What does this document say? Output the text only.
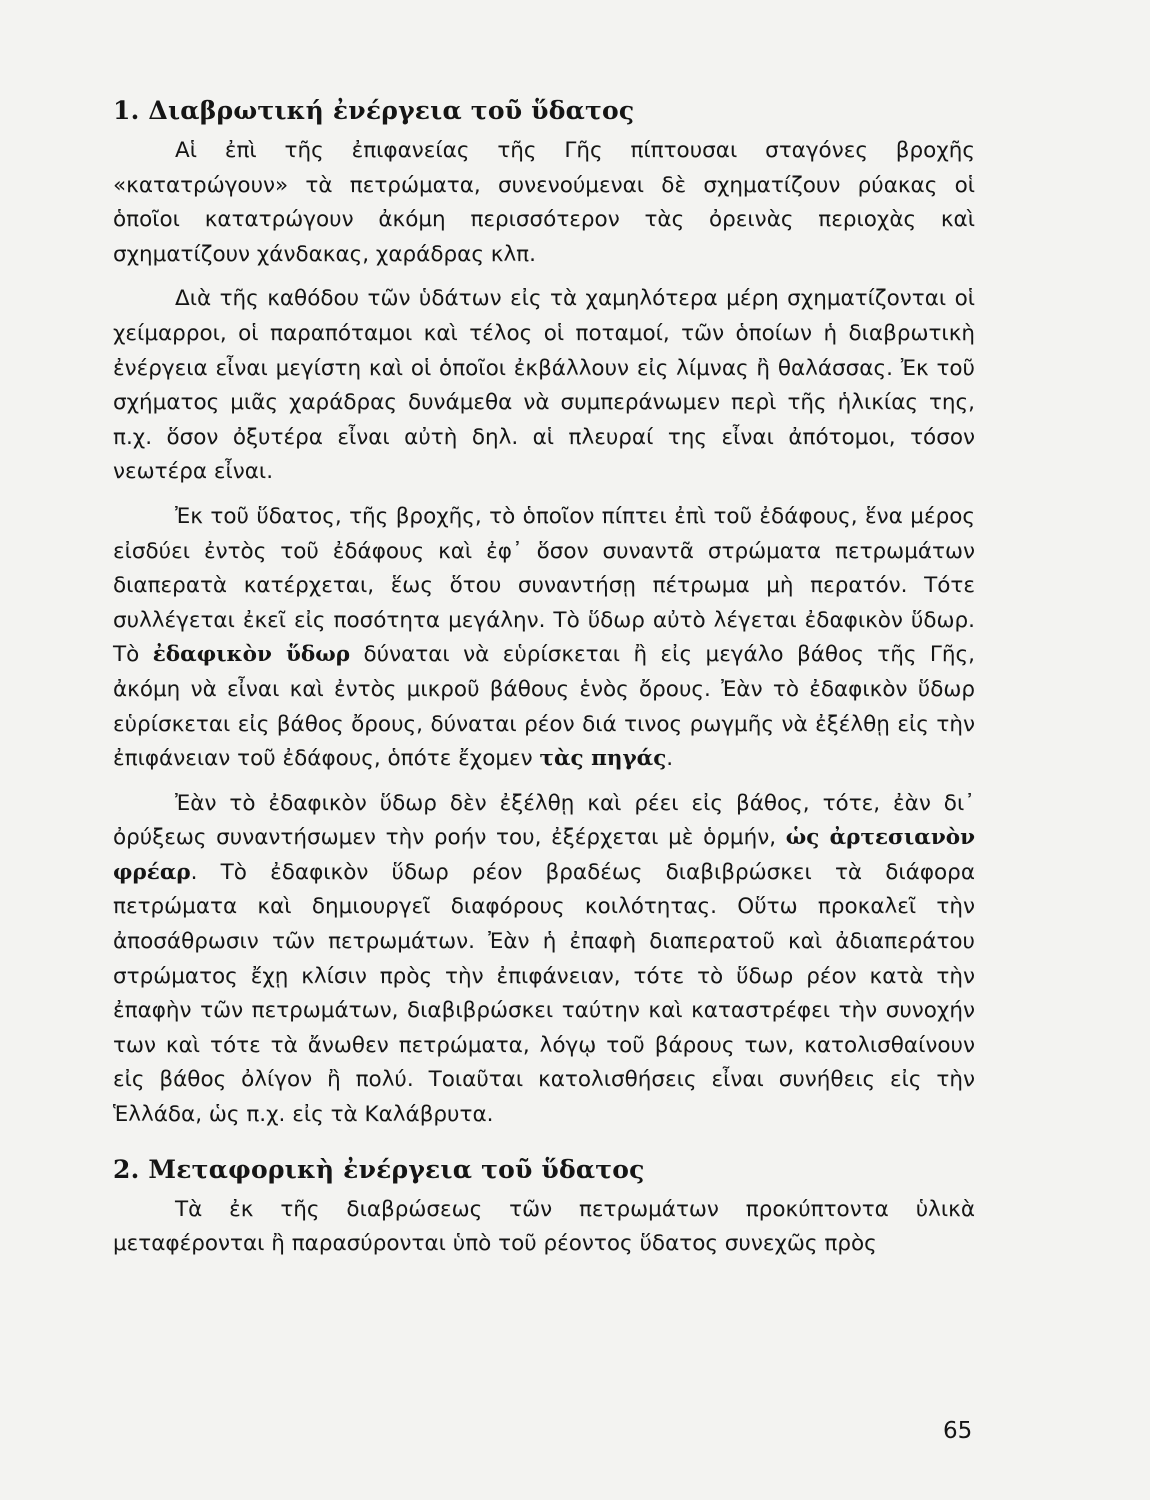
1. Διαβρωτική ἐνέργεια τοῦ ὕδατος

Αἱ ἐπὶ τῆς ἐπιφανείας τῆς Γῆς πίπτουσαι σταγόνες βροχῆς «κατατρώγουν» τὰ πετρώματα, συνενούμεναι δὲ σχηματίζουν ρύακας οἱ ὁποῖοι κατατρώγουν ἀκόμη περισσότερον τὰς ὀρεινὰς περιοχὰς καὶ σχηματίζουν χάνδακας, χαράδρας κλπ.

Διὰ τῆς καθόδου τῶν ὑδάτων εἰς τὰ χαμηλότερα μέρη σχηματίζονται οἱ χείμαρροι, οἱ παραπόταμοι καὶ τέλος οἱ ποταμοί, τῶν ὁποίων ἡ διαβρωτικὴ ἐνέργεια εἶναι μεγίστη καὶ οἱ ὁποῖοι ἐκβάλλουν εἰς λίμνας ἢ θαλάσσας. Ἐκ τοῦ σχήματος μιᾶς χαράδρας δυνάμεθα νὰ συμπεράνωμεν περὶ τῆς ἡλικίας της, π.χ. ὅσον ὀξυτέρα εἶναι αὐτὴ δηλ. αἱ πλευραί της εἶναι ἀπότομοι, τόσον νεωτέρα εἶναι.

Ἐκ τοῦ ὕδατος, τῆς βροχῆς, τὸ ὁποῖον πίπτει ἐπὶ τοῦ ἐδάφους, ἕνα μέρος εἰσδύει ἐντὸς τοῦ ἐδάφους καὶ ἐφ᾽ ὅσον συναντᾶ στρώματα πετρωμάτων διαπερατὰ κατέρχεται, ἕως ὅτου συναντήσῃ πέτρωμα μὴ περατόν. Τότε συλλέγεται ἐκεῖ εἰς ποσότητα μεγάλην. Τὸ ὕδωρ αὐτὸ λέγεται ἐδαφικὸν ὕδωρ. Τὸ ἐδαφικὸν ὕδωρ δύναται νὰ εὑρίσκεται ἢ εἰς μεγάλο βάθος τῆς Γῆς, ἀκόμη νὰ εἶναι καὶ ἐντὸς μικροῦ βάθους ἑνὸς ὄρους. Ἐὰν τὸ ἐδαφικὸν ὕδωρ εὑρίσκεται εἰς βάθος ὄρους, δύναται ρέον διά τινος ρωγμῆς νὰ ἐξέλθῃ εἰς τὴν ἐπιφάνειαν τοῦ ἐδάφους, ὁπότε ἔχομεν τὰς πηγάς.

Ἐὰν τὸ ἐδαφικὸν ὕδωρ δὲν ἐξέλθῃ καὶ ρέει εἰς βάθος, τότε, ἐὰν δι᾽ ὀρύξεως συναντήσωμεν τὴν ροήν του, ἐξέρχεται μὲ ὁρμήν, ὡς ἀρτεσιανὸν φρέαρ. Τὸ ἐδαφικὸν ὕδωρ ρέον βραδέως διαβιβρώσκει τὰ διάφορα πετρώματα καὶ δημιουργεῖ διαφόρους κοιλότητας. Οὕτω προκαλεῖ τὴν ἀποσάθρωσιν τῶν πετρωμάτων. Ἐὰν ἡ ἐπαφὴ διαπερατοῦ καὶ ἀδιαπεράτου στρώματος ἔχῃ κλίσιν πρὸς τὴν ἐπιφάνειαν, τότε τὸ ὕδωρ ρέον κατὰ τὴν ἐπαφὴν τῶν πετρωμάτων, διαβιβρώσκει ταύτην καὶ καταστρέφει τὴν συνοχήν των καὶ τότε τὰ ἄνωθεν πετρώματα, λόγῳ τοῦ βάρους των, κατολισθαίνουν εἰς βάθος ὀλίγον ἢ πολύ. Τοιαῦται κατολισθήσεις εἶναι συνήθεις εἰς τὴν Ἑλλάδα, ὡς π.χ. εἰς τὰ Καλάβρυτα.

2. Μεταφορικὴ ἐνέργεια τοῦ ὕδατος

Τὰ ἐκ τῆς διαβρώσεως τῶν πετρωμάτων προκύπτοντα ὑλικὰ μεταφέρονται ἢ παρασύρονται ὑπὸ τοῦ ρέοντος ὕδατος συνεχῶς πρὸς

65
